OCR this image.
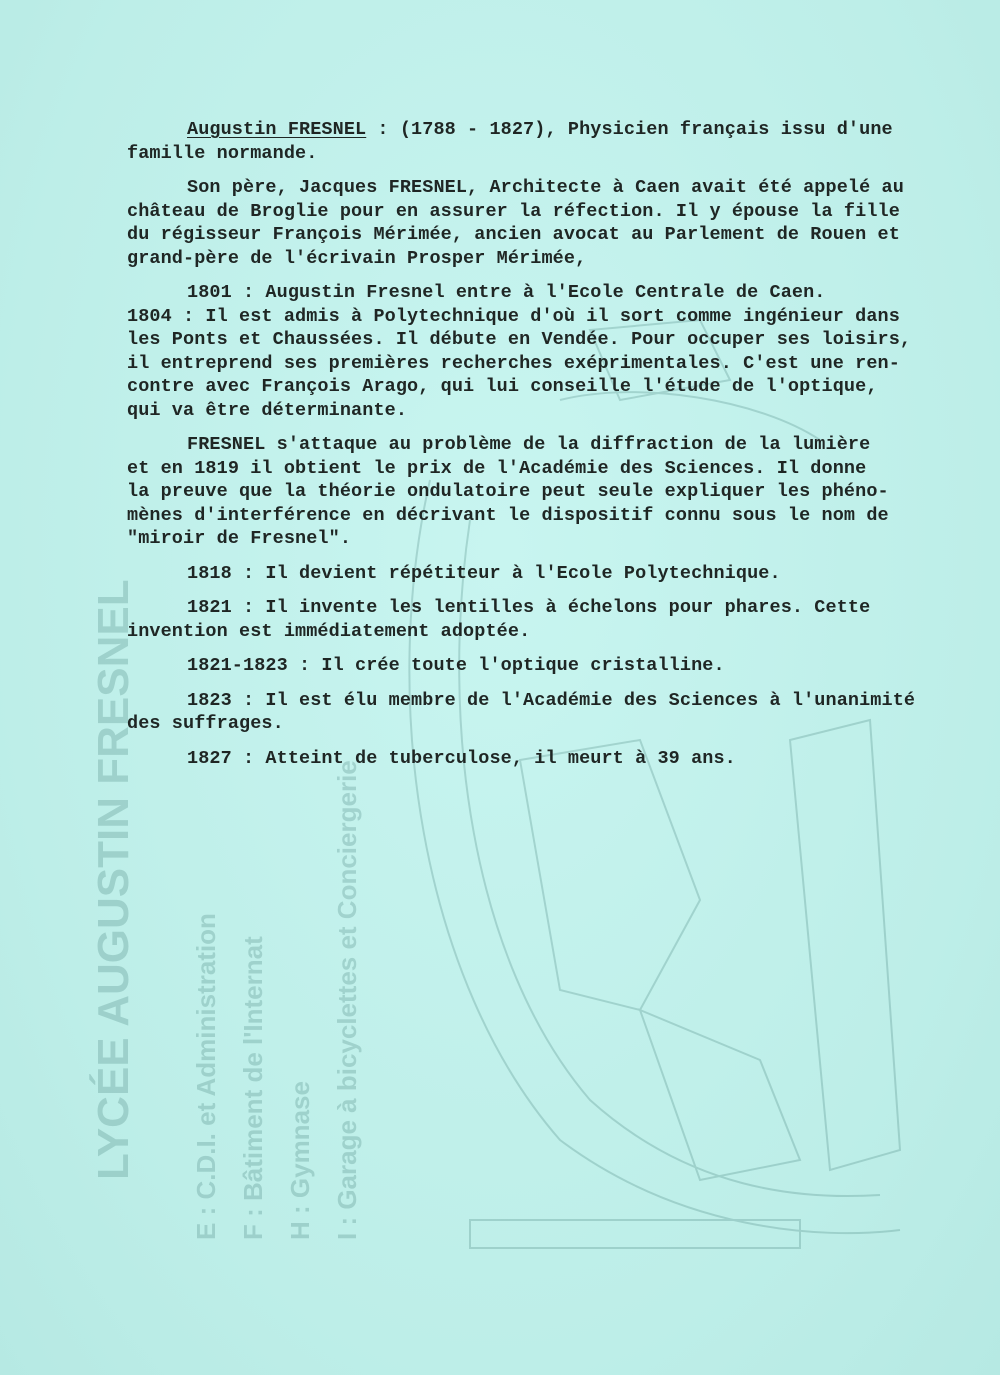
LYCÉE AUGUSTIN FRESNEL E : C.D.I. et Administration F : Bâtiment de l'Internat H : Gymnase I : Garage à bicyclettes et Conciergerie
Augustin FRESNEL : (1788 - 1827), Physicien français issu d'une
famille normande.
Son père, Jacques FRESNEL, Architecte à Caen avait été appelé au
château de Broglie pour en assurer la réfection. Il y épouse la fille
du régisseur François Mérimée, ancien avocat au Parlement de Rouen et
grand-père de l'écrivain Prosper Mérimée,
1801 : Augustin Fresnel entre à l'Ecole Centrale de Caen.
1804 : Il est admis à Polytechnique d'où il sort comme ingénieur dans
les Ponts et Chaussées. Il débute en Vendée. Pour occuper ses loisirs,
il entreprend ses premières recherches exéprimentales. C'est une ren-
contre avec François Arago, qui lui conseille l'étude de l'optique,
qui va être déterminante.
FRESNEL s'attaque au problème de la diffraction de la lumière
et en 1819 il obtient le prix de l'Académie des Sciences. Il donne
la preuve que la théorie ondulatoire peut seule expliquer les phéno-
mènes d'interférence en décrivant le dispositif connu sous le nom de
"miroir de Fresnel".
1818 : Il devient répétiteur à l'Ecole Polytechnique.
1821 : Il invente les lentilles à échelons pour phares. Cette
invention est immédiatement adoptée.
1821-1823 : Il crée toute l'optique cristalline.
1823 : Il est élu membre de l'Académie des Sciences à l'unanimité
des suffrages.
1827 : Atteint de tuberculose, il meurt à 39 ans.
